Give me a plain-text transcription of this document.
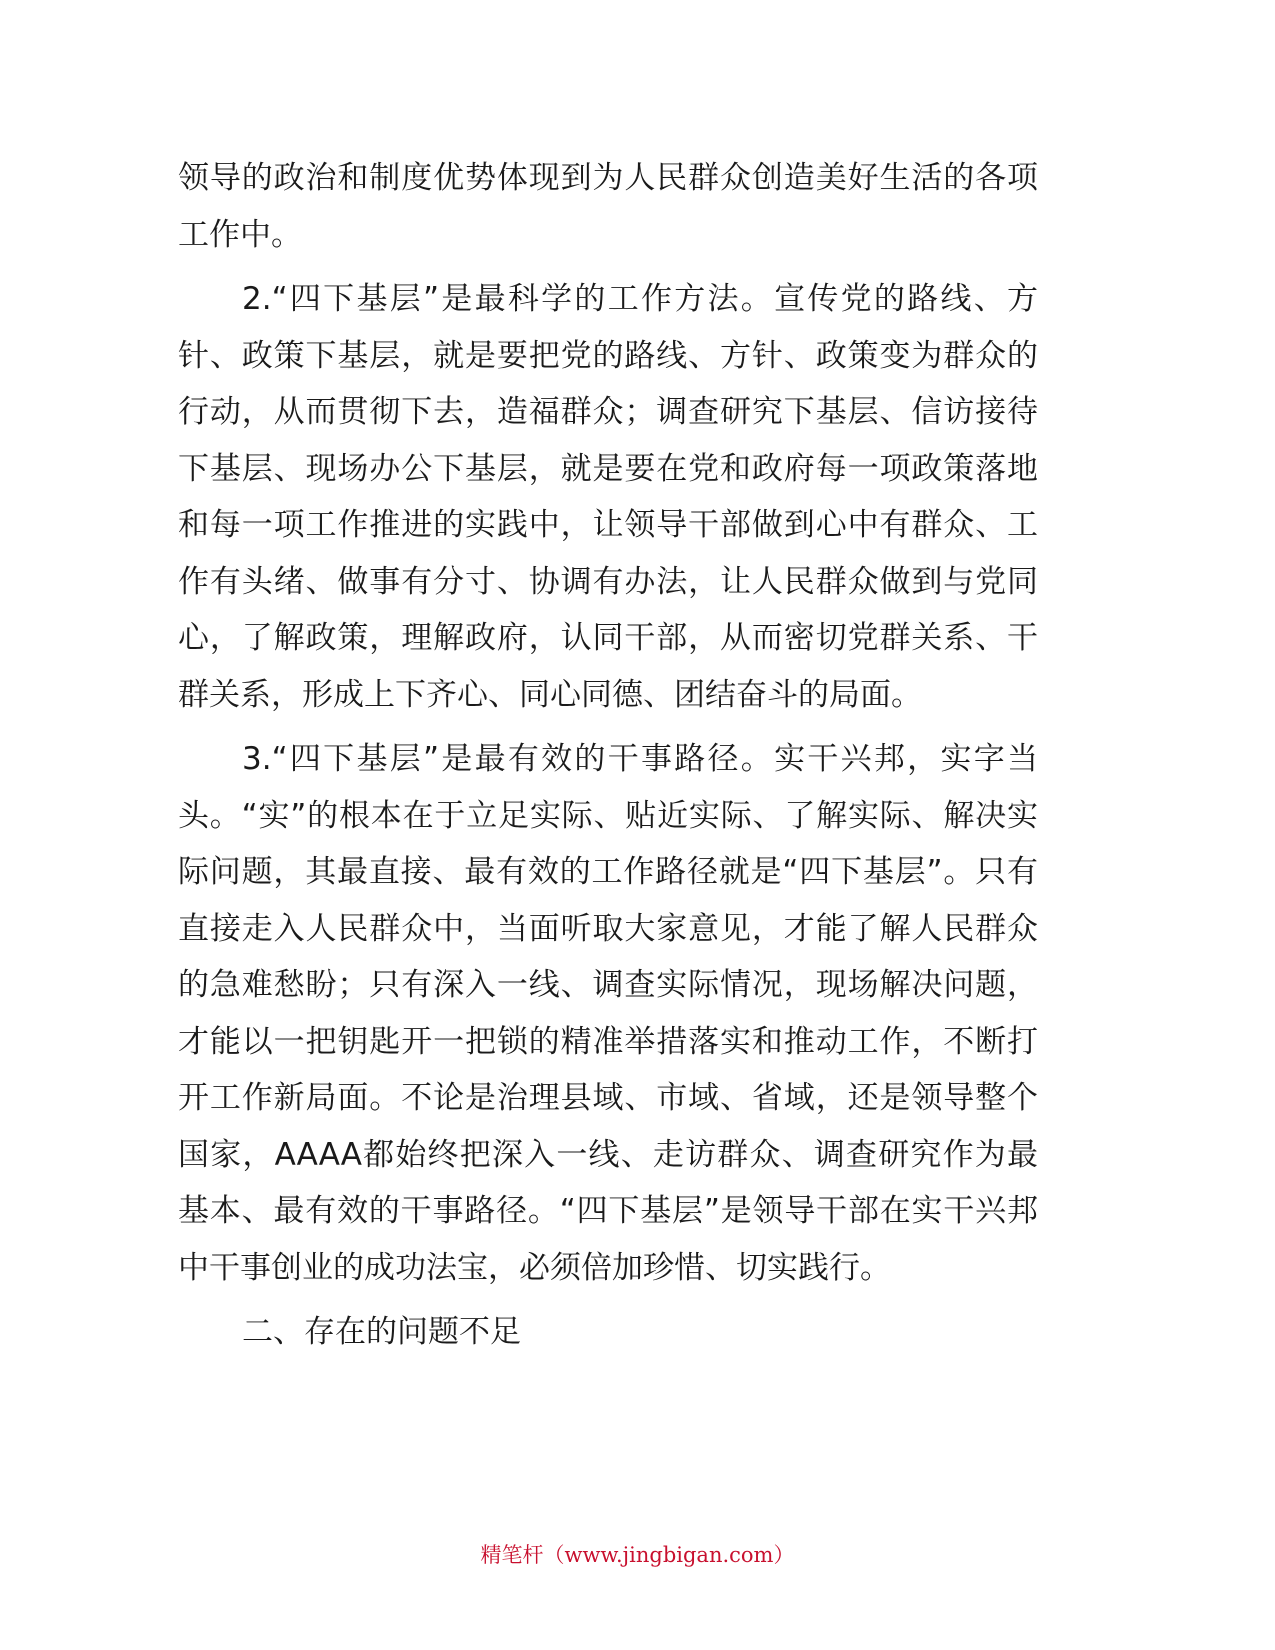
领导的政治和制度优势体现到为人民群众创造美好生活的各项工作中。

2.“四下基层”是最科学的工作方法。宣传党的路线、方针、政策下基层，就是要把党的路线、方针、政策变为群众的行动，从而贯彻下去，造福群众；调查研究下基层、信访接待下基层、现场办公下基层，就是要在党和政府每一项政策落地和每一项工作推进的实践中，让领导干部做到心中有群众、工作有头绪、做事有分寸、协调有办法，让人民群众做到与党同心，了解政策，理解政府，认同干部，从而密切党群关系、干群关系，形成上下齐心、同心同德、团结奋斗的局面。

3.“四下基层”是最有效的干事路径。实干兴邦，实字当头。“实”的根本在于立足实际、贴近实际、了解实际、解决实际问题，其最直接、最有效的工作路径就是“四下基层”。只有直接走入人民群众中，当面听取大家意见，才能了解人民群众的急难愁盼；只有深入一线、调查实际情况，现场解决问题，才能以一把钥匙开一把锁的精准举措落实和推动工作，不断打开工作新局面。不论是治理县域、市域、省域，还是领导整个国家，AAAA都始终把深入一线、走访群众、调查研究作为最基本、最有效的干事路径。“四下基层”是领导干部在实干兴邦中干事创业的成功法宝，必须倍加珍惜、切实践行。

二、存在的问题不足

精笔杆（www.jingbigan.com）
